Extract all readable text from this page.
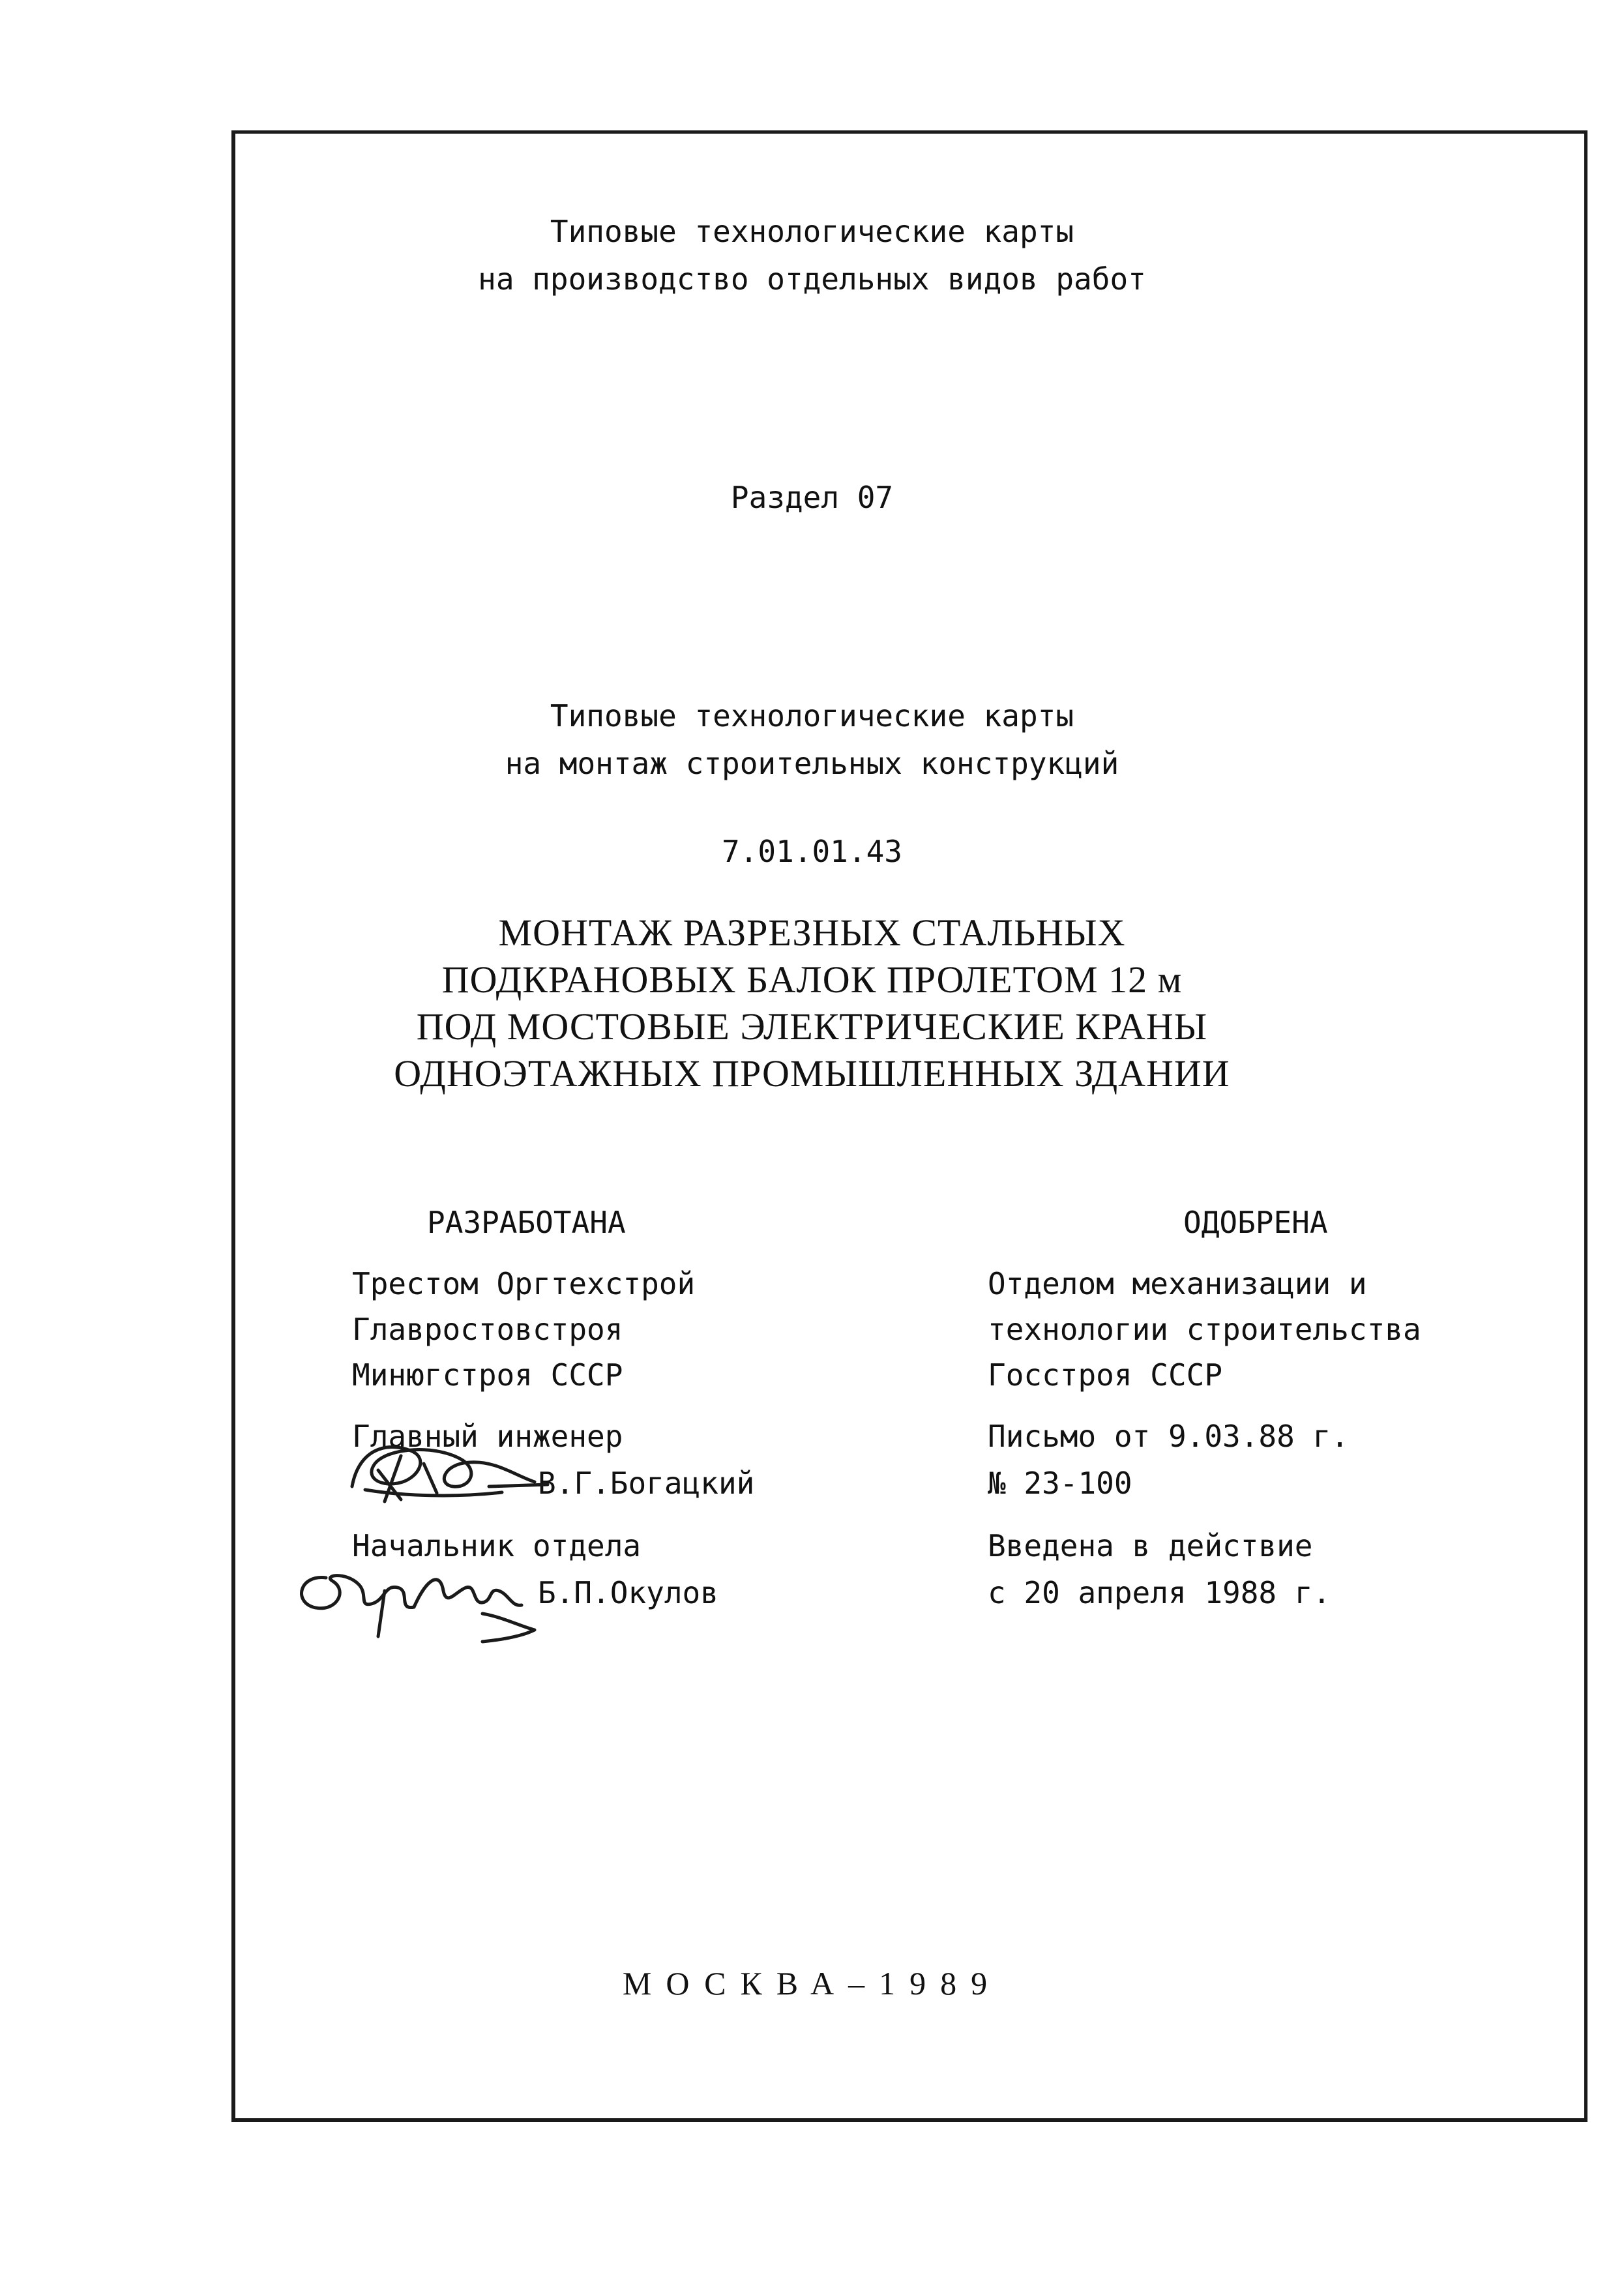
Типовые технологические карты
на производство отдельных видов работ
Раздел 07
Типовые технологические карты
на монтаж строительных конструкций
7.01.01.43
МОНТАЖ РАЗРЕЗНЫХ СТАЛЬНЫХ
ПОДКРАНОВЫХ БАЛОК ПРОЛЕТОМ 12 м
ПОД МОСТОВЫЕ ЭЛЕКТРИЧЕСКИЕ КРАНЫ
ОДНОЭТАЖНЫХ ПРОМЫШЛЕННЫХ ЗДАНИИ
РАЗРАБОТАНА
Трестом Оргтехстрой
Главростовстроя
Минюгстроя СССР
Главный инженер
В.Г.Богацкий
Начальник отдела
Б.П.Окулов
ОДОБРЕНА
Отделом механизации и
технологии строительства
Госстроя СССР
Письмо от 9.03.88 г.
№ 23-100
Введена в действие
с 20 апреля 1988 г.
МОСКВА–1989
